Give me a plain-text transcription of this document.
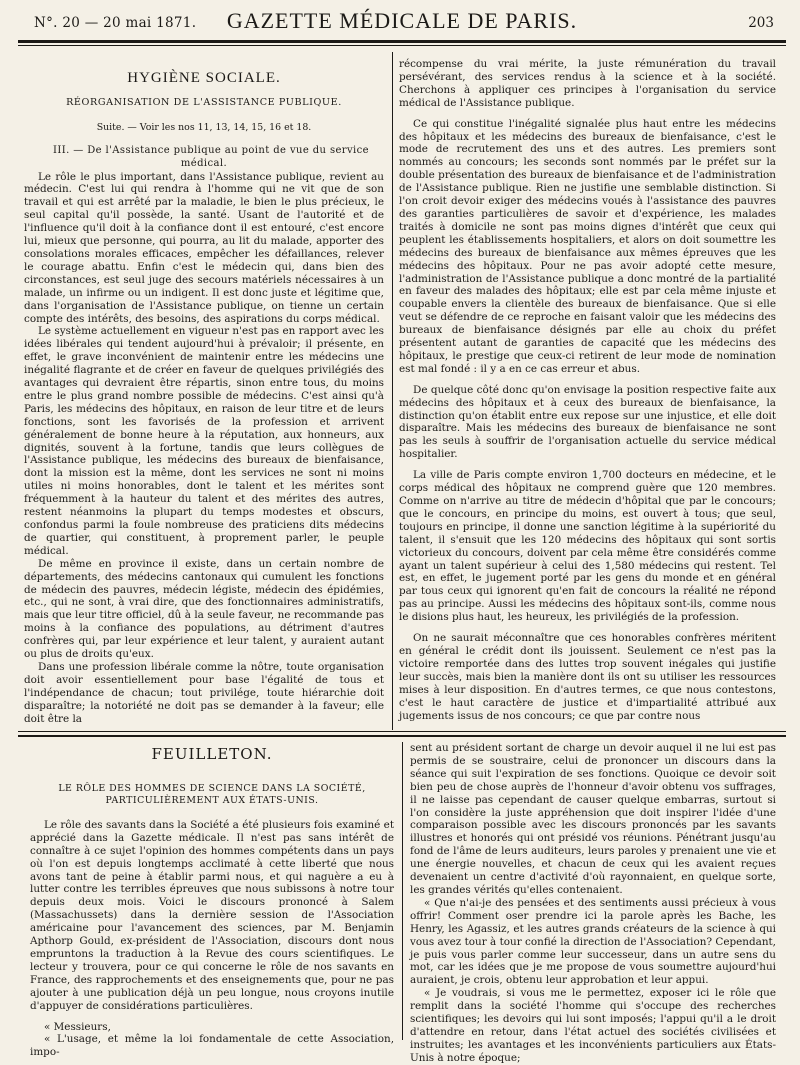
N°. 20 — 20 mai 1871.	GAZETTE MÉDICALE DE PARIS.	203
HYGIÈNE SOCIALE.
RÉORGANISATION DE L'ASSISTANCE PUBLIQUE.
Suite. — Voir les nos 11, 13, 14, 15, 16 et 18.

III. — De l'Assistance publique au point de vue du service médical.

Le rôle le plus important, dans l'Assistance publique, revient au médecin. C'est lui qui rendra à l'homme qui ne vit que de son travail et qui est arrêté par la maladie, le bien le plus précieux, le seul capital qu'il possède, la santé. Usant de l'autorité et de l'influence qu'il doit à la confiance dont il est entouré, c'est encore lui, mieux que personne, qui pourra, au lit du malade, apporter des consolations morales efficaces, empêcher les défaillances, relever le courage abattu. Enfin c'est le médecin qui, dans bien des circonstances, est seul juge des secours matériels nécessaires à un malade, un infirme ou un indigent. Il est donc juste et légitime que, dans l'organisation de l'Assistance publique, on tienne un certain compte des intérêts, des besoins, des aspirations du corps médical.

Le système actuellement en vigueur n'est pas en rapport avec les idées libérales qui tendent aujourd'hui à prévaloir; il présente, en effet, le grave inconvénient de maintenir entre les médecins une inégalité flagrante et de créer en faveur de quelques privilégiés des avantages qui devraient être répartis, sinon entre tous, du moins entre le plus grand nombre possible de médecins. C'est ainsi qu'à Paris, les médecins des hôpitaux, en raison de leur titre et de leurs fonctions, sont les favorisés de la profession et arrivent généralement de bonne heure à la réputation, aux honneurs, aux dignités, souvent à la fortune, tandis que leurs collègues de l'Assistance publique, les médecins des bureaux de bienfaisance, dont la mission est la même, dont les services ne sont ni moins utiles ni moins honorables, dont le talent et les mérites sont fréquemment à la hauteur du talent et des mérites des autres, restent néanmoins la plupart du temps modestes et obscurs, confondus parmi la foule nombreuse des praticiens dits médecins de quartier, qui constituent, à proprement parler, le peuple médical.

De même en province il existe, dans un certain nombre de départements, des médecins cantonaux qui cumulent les fonctions de médecin des pauvres, médecin légiste, médecin des épidémies, etc., qui ne sont, à vrai dire, que des fonctionnaires administratifs, mais que leur titre officiel, dû à la seule faveur, ne recommande pas moins à la confiance des populations, au détriment d'autres confrères qui, par leur expérience et leur talent, y auraient autant ou plus de droits qu'eux.

Dans une profession libérale comme la nôtre, toute organisation doit avoir essentiellement pour base l'égalité de tous et l'indépendance de chacun; tout privilége, toute hiérarchie doit disparaître; la notoriété ne doit pas se demander à la faveur; elle doit être la

récompense du vrai mérite, la juste rémunération du travail persévérant, des services rendus à la science et à la société. Cherchons à appliquer ces principes à l'organisation du service médical de l'Assistance publique.

Ce qui constitue l'inégalité signalée plus haut entre les médecins des hôpitaux et les médecins des bureaux de bienfaisance, c'est le mode de recrutement des uns et des autres. Les premiers sont nommés au concours; les seconds sont nommés par le préfet sur la double présentation des bureaux de bienfaisance et de l'administration de l'Assistance publique. Rien ne justifie une semblable distinction. Si l'on croit devoir exiger des médecins voués à l'assistance des pauvres des garanties particulières de savoir et d'expérience, les malades traités à domicile ne sont pas moins dignes d'intérêt que ceux qui peuplent les établissements hospitaliers, et alors on doit soumettre les médecins des bureaux de bienfaisance aux mêmes épreuves que les médecins des hôpitaux. Pour ne pas avoir adopté cette mesure, l'administration de l'Assistance publique a donc montré de la partialité en faveur des malades des hôpitaux; elle est par cela même injuste et coupable envers la clientèle des bureaux de bienfaisance. Que si elle veut se défendre de ce reproche en faisant valoir que les médecins des bureaux de bienfaisance désignés par elle au choix du préfet présentent autant de garanties de capacité que les médecins des hôpitaux, le prestige que ceux-ci retirent de leur mode de nomination est mal fondé : il y a en ce cas erreur et abus.

De quelque côté donc qu'on envisage la position respective faite aux médecins des hôpitaux et à ceux des bureaux de bienfaisance, la distinction qu'on établit entre eux repose sur une injustice, et elle doit disparaître. Mais les médecins des bureaux de bienfaisance ne sont pas les seuls à souffrir de l'organisation actuelle du service médical hospitalier.

La ville de Paris compte environ 1,700 docteurs en médecine, et le corps médical des hôpitaux ne comprend guère que 120 membres. Comme on n'arrive au titre de médecin d'hôpital que par le concours; que le concours, en principe du moins, est ouvert à tous; que seul, toujours en principe, il donne une sanction légitime à la supériorité du talent, il s'ensuit que les 120 médecins des hôpitaux qui sont sortis victorieux du concours, doivent par cela même être considérés comme ayant un talent supérieur à celui des 1,580 médecins qui restent. Tel est, en effet, le jugement porté par les gens du monde et en général par tous ceux qui ignorent qu'en fait de concours la réalité ne répond pas au principe. Aussi les médecins des hôpitaux sont-ils, comme nous le disions plus haut, les heureux, les privilégiés de la profession.

On ne saurait méconnaître que ces honorables confrères méritent en général le crédit dont ils jouissent. Seulement ce n'est pas la victoire remportée dans des luttes trop souvent inégales qui justifie leur succès, mais bien la manière dont ils ont su utiliser les ressources mises à leur disposition. En d'autres termes, ce que nous contestons, c'est le haut caractère de justice et d'impartialité attribué aux jugements issus de nos concours; ce que par contre nous

FEUILLETON.
LE RÔLE DES HOMMES DE SCIENCE DANS LA SOCIÉTÉ, PARTICULIÈREMENT AUX ÉTATS-UNIS.

Le rôle des savants dans la Société a été plusieurs fois examiné et apprécié dans la Gazette médicale. Il n'est pas sans intérêt de connaître à ce sujet l'opinion des hommes compétents dans un pays où l'on est depuis longtemps acclimaté à cette liberté que nous avons tant de peine à établir parmi nous, et qui naguère a eu à lutter contre les terribles épreuves que nous subissons à notre tour depuis deux mois. Voici le discours prononcé à Salem (Massachussets) dans la dernière session de l'Association américaine pour l'avancement des sciences, par M. Benjamin Apthorp Gould, ex-président de l'Association, discours dont nous empruntons la traduction à la Revue des cours scientifiques. Le lecteur y trouvera, pour ce qui concerne le rôle de nos savants en France, des rapprochements et des enseignements que, pour ne pas ajouter à une publication déjà un peu longue, nous croyons inutile d'appuyer de considérations particulières.

« Messieurs,

« L'usage, et même la loi fondamentale de cette Association, impo-

sent au président sortant de charge un devoir auquel il ne lui est pas permis de se soustraire, celui de prononcer un discours dans la séance qui suit l'expiration de ses fonctions. Quoique ce devoir soit bien peu de chose auprès de l'honneur d'avoir obtenu vos suffrages, il ne laisse pas cependant de causer quelque embarras, surtout si l'on considère la juste appréhension que doit inspirer l'idée d'une comparaison possible avec les discours prononcés par les savants illustres et honorés qui ont présidé vos réunions. Pénétrant jusqu'au fond de l'âme de leurs auditeurs, leurs paroles y prenaient une vie et une énergie nouvelles, et chacun de ceux qui les avaient reçues devenaient un centre d'activité d'où rayonnaient, en quelque sorte, les grandes vérités qu'elles contenaient.

« Que n'ai-je des pensées et des sentiments aussi précieux à vous offrir! Comment oser prendre ici la parole après les Bache, les Henry, les Agassiz, et les autres grands créateurs de la science à qui vous avez tour à tour confié la direction de l'Association? Cependant, je puis vous parler comme leur successeur, dans un autre sens du mot, car les idées que je me propose de vous soumettre aujourd'hui auraient, je crois, obtenu leur approbation et leur appui.

« Je voudrais, si vous me le permettez, exposer ici le rôle que remplit dans la société l'homme qui s'occupe des recherches scientifiques; les devoirs qui lui sont imposés; l'appui qu'il a le droit d'attendre en retour, dans l'état actuel des sociétés civilisées et instruites; les avantages et les inconvénients particuliers aux États-Unis à notre époque;
